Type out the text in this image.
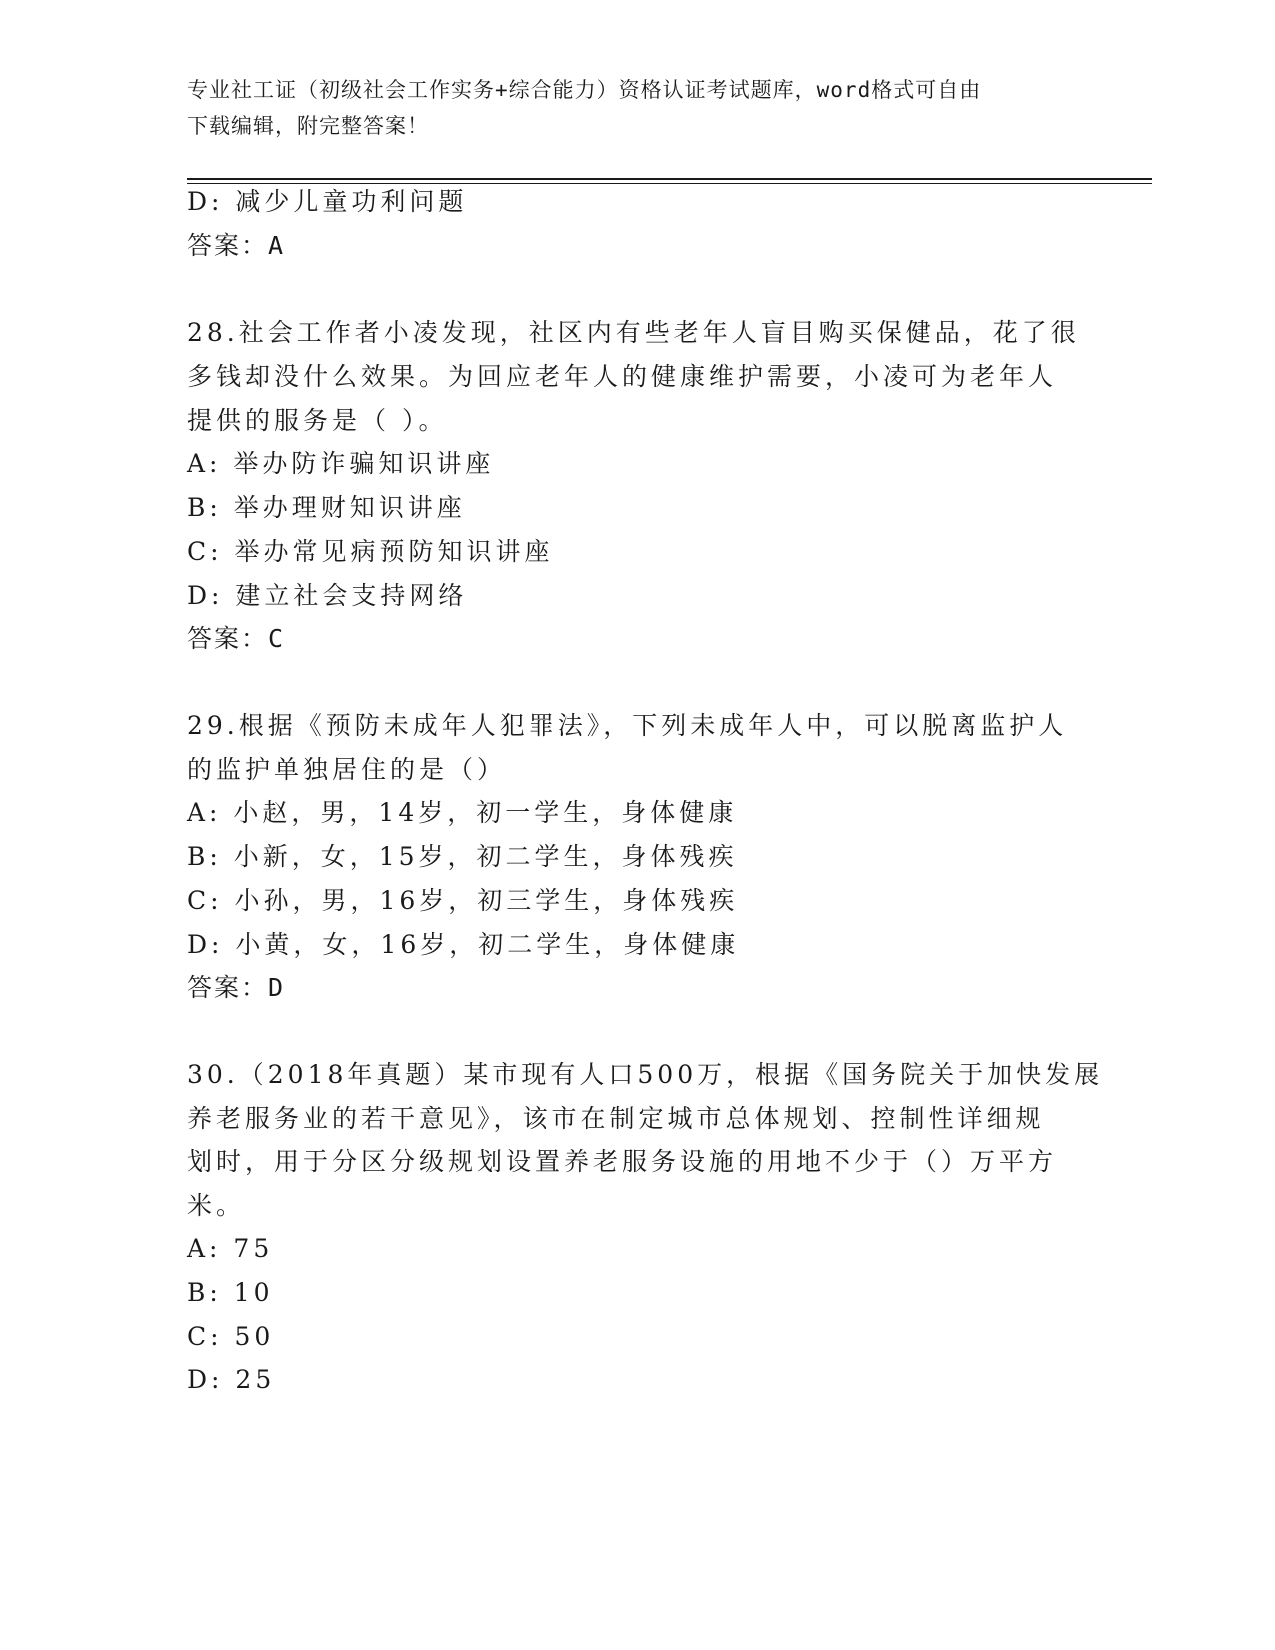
专业社工证（初级社会工作实务+综合能力）资格认证考试题库，word格式可自由
下载编辑，附完整答案！
D: 减少儿童功利问题
答案：A
28.社会工作者小凌发现，社区内有些老年人盲目购买保健品，花了很
多钱却没什么效果。为回应老年人的健康维护需要，小凌可为老年人
提供的服务是（ ）。
A: 举办防诈骗知识讲座
B: 举办理财知识讲座
C: 举办常见病预防知识讲座
D: 建立社会支持网络
答案：C
29.根据《预防未成年人犯罪法》，下列未成年人中，可以脱离监护人
的监护单独居住的是（）
A: 小赵，男，14岁，初一学生，身体健康
B: 小新，女，15岁，初二学生，身体残疾
C: 小孙，男，16岁，初三学生，身体残疾
D: 小黄，女，16岁，初二学生，身体健康
答案：D
30.（2018年真题）某市现有人口500万，根据《国务院关于加快发展
养老服务业的若干意见》，该市在制定城市总体规划、控制性详细规
划时，用于分区分级规划设置养老服务设施的用地不少于（）万平方
米。
A: 75
B: 10
C: 50
D: 25
